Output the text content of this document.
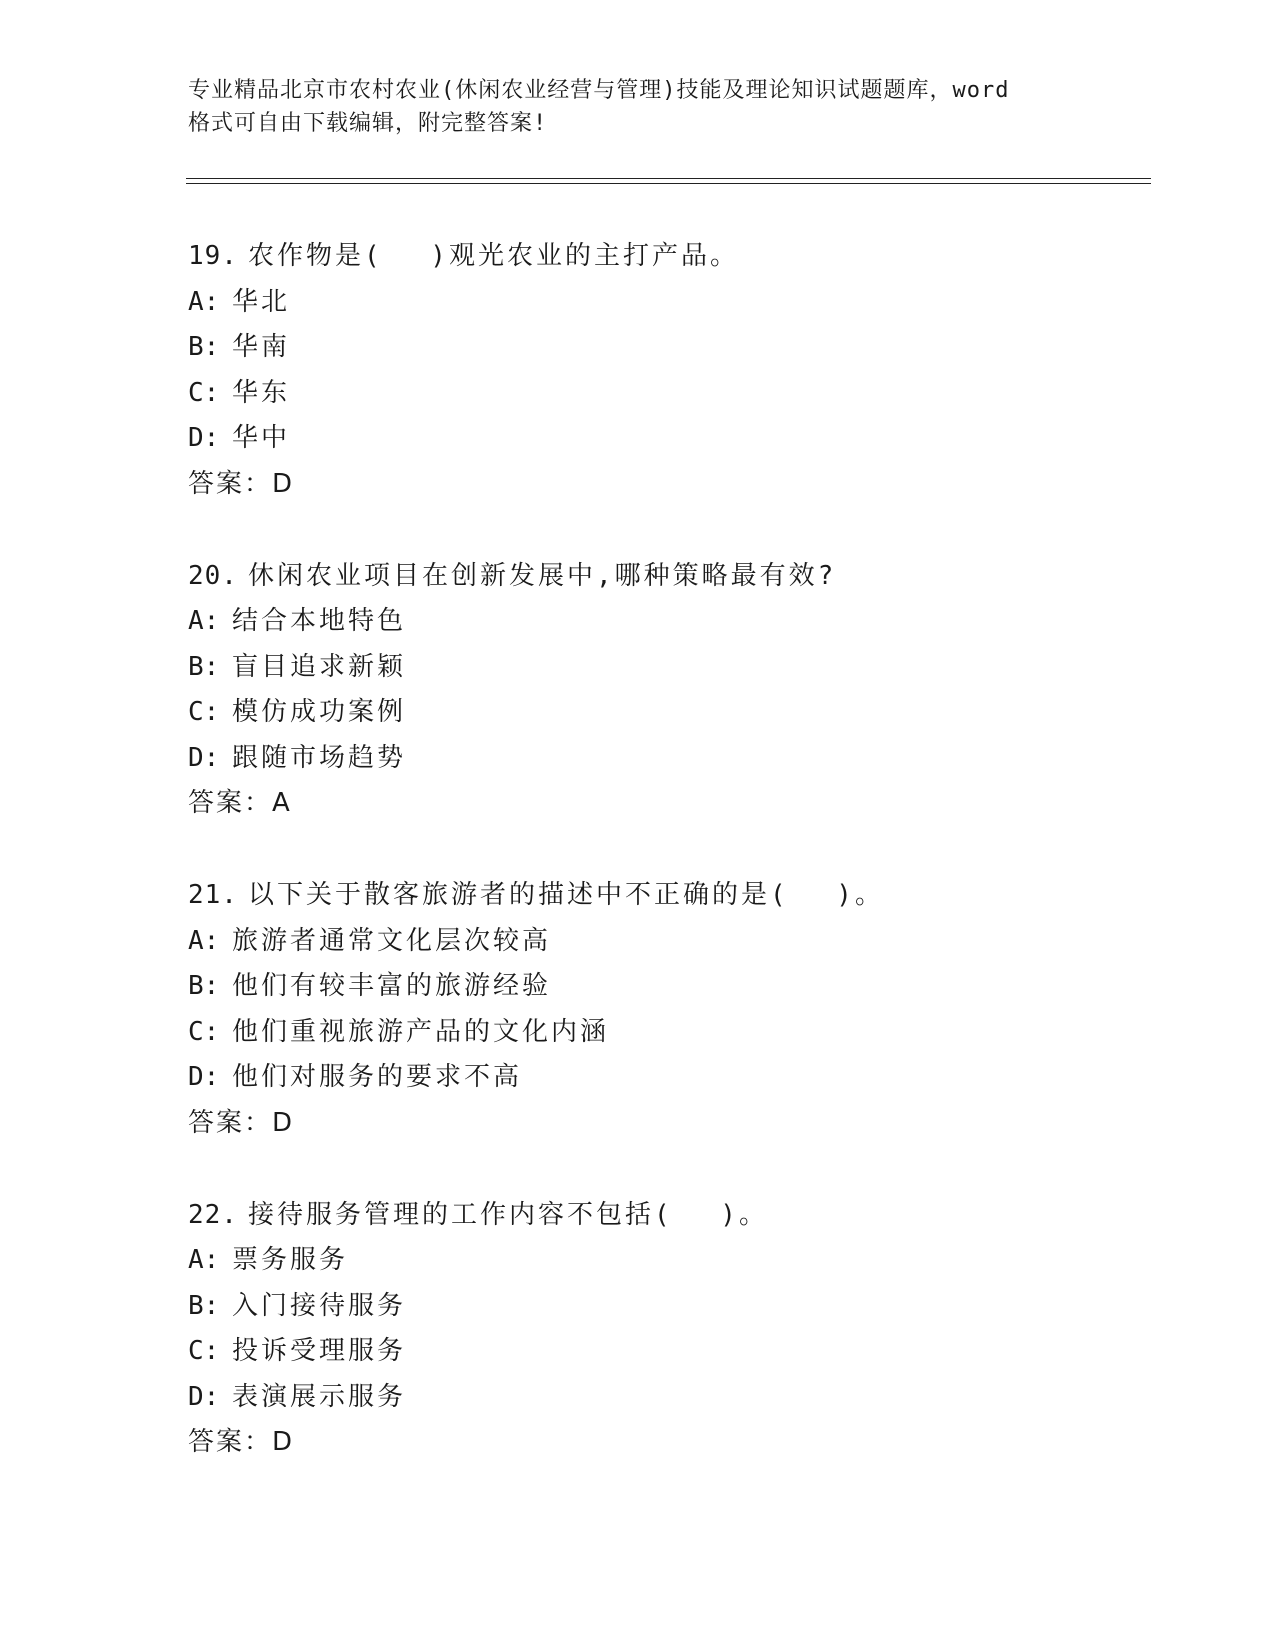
专业精品北京市农村农业(休闲农业经营与管理)技能及理论知识试题题库，word
格式可自由下载编辑，附完整答案!
19. 农作物是(　 )观光农业的主打产品。
A: 华北
B: 华南
C: 华东
D: 华中
答案：D
20. 休闲农业项目在创新发展中,哪种策略最有效?
A: 结合本地特色
B: 盲目追求新颖
C: 模仿成功案例
D: 跟随市场趋势
答案：A
21. 以下关于散客旅游者的描述中不正确的是(　 )。
A: 旅游者通常文化层次较高
B: 他们有较丰富的旅游经验
C: 他们重视旅游产品的文化内涵
D: 他们对服务的要求不高
答案：D
22. 接待服务管理的工作内容不包括(　 )。
A: 票务服务
B: 入门接待服务
C: 投诉受理服务
D: 表演展示服务
答案：D
